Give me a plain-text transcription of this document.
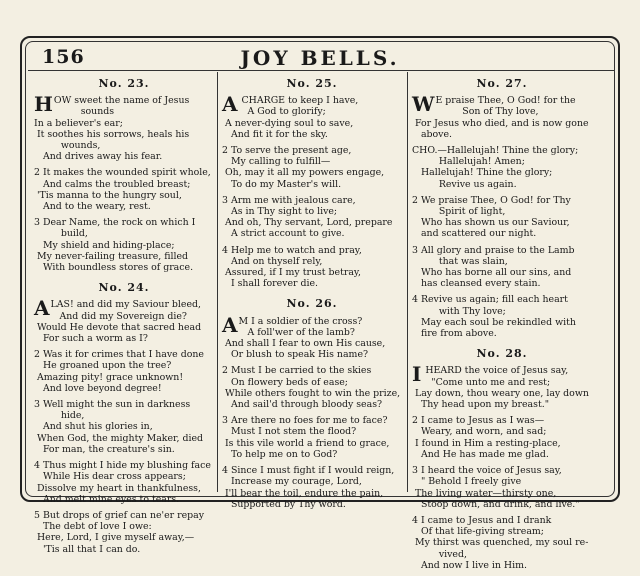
156	JOY BELLS.
No. 23.
HOW sweet the name of Jesus
sounds
In a believer's ear;
It soothes his sorrows, heals his
wounds,
And drives away his fear.
2 It makes the wounded spirit whole,
And calms the troubled breast;
'Tis manna to the hungry soul,
And to the weary, rest.
3 Dear Name, the rock on which I
build,
My shield and hiding-place;
My never-failing treasure, filled
With boundless stores of grace.
No. 24.
ALAS! and did my Saviour bleed,
And did my Sovereign die?
Would He devote that sacred head
For such a worm as I?
2 Was it for crimes that I have done
He groaned upon the tree?
Amazing pity! grace unknown!
And love beyond degree!
3 Well might the sun in darkness
hide,
And shut his glories in,
When God, the mighty Maker, died
For man, the creature's sin.
4 Thus might I hide my blushing face
While His dear cross appears;
Dissolve my heart in thankfulness,
And melt mine eyes to tears.
5 But drops of grief can ne'er repay
The debt of love I owe:
Here, Lord, I give myself away,—
'Tis all that I can do.
No. 25.
A CHARGE to keep I have,
A God to glorify;
A never-dying soul to save,
And fit it for the sky.
2 To serve the present age,
My calling to fulfill—
Oh, may it all my powers engage,
To do my Master's will.
3 Arm me with jealous care,
As in Thy sight to live;
And oh, Thy servant, Lord, prepare
A strict account to give.
4 Help me to watch and pray,
And on thyself rely,
Assured, if I my trust betray,
I shall forever die.
No. 26.
A M I a soldier of the cross?
A foll'wer of the lamb?
And shall I fear to own His cause,
Or blush to speak His name?
2 Must I be carried to the skies
On flowery beds of ease;
While others fought to win the prize,
And sail'd through bloody seas?
3 Are there no foes for me to face?
Must I not stem the flood?
Is this vile world a friend to grace,
To help me on to God?
4 Since I must fight if I would reign,
Increase my courage, Lord,
I'll bear the toil, endure the pain,
Supported by Thy word.
No. 27.
W E praise Thee, O God! for the
Son of Thy love,
For Jesus who died, and is now gone
above.
CHO.—Hallelujah! Thine the glory;
Hallelujah! Amen;
Hallelujah! Thine the glory;
Revive us again.
2 We praise Thee, O God! for Thy
Spirit of light,
Who has shown us our Saviour,
and scattered our night.
3 All glory and praise to the Lamb
that was slain,
Who has borne all our sins, and
has cleansed every stain.
4 Revive us again; fill each heart
with Thy love;
May each soul be rekindled with
fire from above.
No. 28.
I HEARD the voice of Jesus say,
"Come unto me and rest;
Lay down, thou weary one, lay down
Thy head upon my breast."
2 I came to Jesus as I was—
Weary, and worn, and sad;
I found in Him a resting-place,
And He has made me glad.
3 I heard the voice of Jesus say,
" Behold I freely give
The living water—thirsty one,
Stoop down, and drink, and live."
4 I came to Jesus and I drank
Of that life-giving stream;
My thirst was quenched, my soul re-
vived,
And now I live in Him.
